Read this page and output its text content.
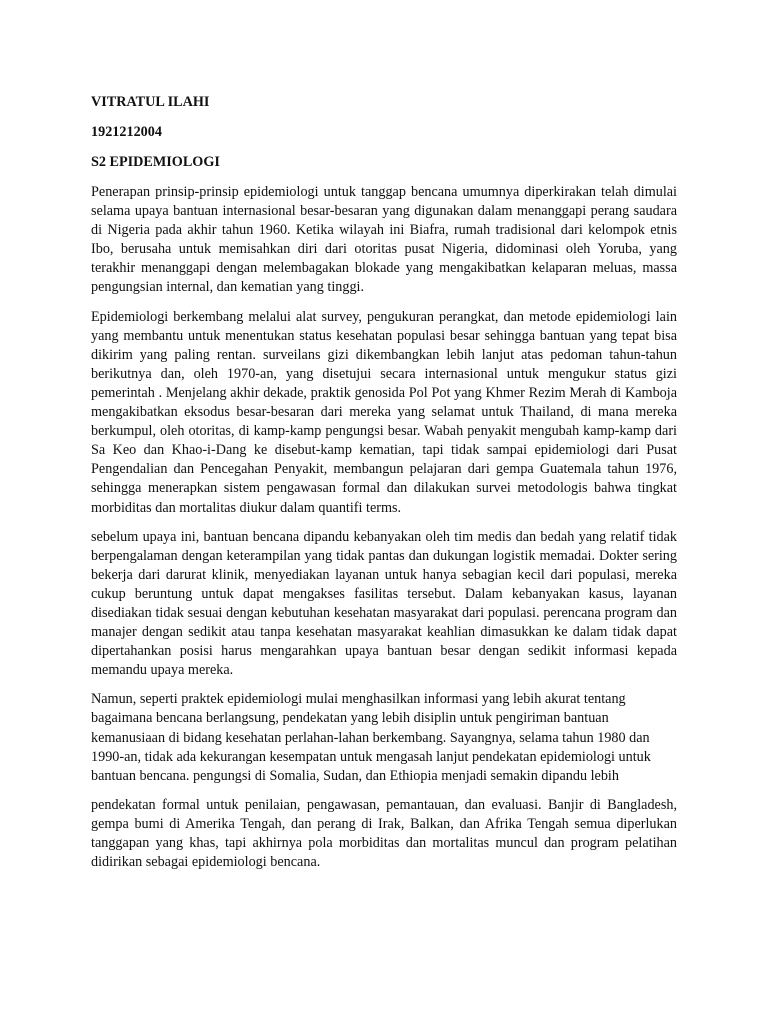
VITRATUL ILAHI
1921212004
S2 EPIDEMIOLOGI

Penerapan prinsip-prinsip epidemiologi untuk tanggap bencana umumnya diperkirakan telah dimulai selama upaya bantuan internasional besar-besaran yang digunakan dalam menanggapi perang saudara di Nigeria pada akhir tahun 1960. Ketika wilayah ini Biafra, rumah tradisional dari kelompok etnis Ibo, berusaha untuk memisahkan diri dari otoritas pusat Nigeria, didominasi oleh Yoruba, yang terakhir menanggapi dengan melembagakan blokade yang mengakibatkan kelaparan meluas, massa pengungsian internal, dan kematian yang tinggi.

Epidemiologi berkembang melalui alat survey, pengukuran perangkat, dan metode epidemiologi lain yang membantu untuk menentukan status kesehatan populasi besar sehingga bantuan yang tepat bisa dikirim yang paling rentan. surveilans gizi dikembangkan lebih lanjut atas pedoman tahun-tahun berikutnya dan, oleh 1970-an, yang disetujui secara internasional untuk mengukur status gizi pemerintah . Menjelang akhir dekade, praktik genosida Pol Pot yang Khmer Rezim Merah di Kamboja mengakibatkan eksodus besar-besaran dari mereka yang selamat untuk Thailand, di mana mereka berkumpul, oleh otoritas, di kamp-kamp pengungsi besar. Wabah penyakit mengubah kamp-kamp dari Sa Keo dan Khao-i-Dang ke disebut-kamp kematian, tapi tidak sampai epidemiologi dari Pusat Pengendalian dan Pencegahan Penyakit, membangun pelajaran dari gempa Guatemala tahun 1976, sehingga menerapkan sistem pengawasan formal dan dilakukan survei metodologis bahwa tingkat morbiditas dan mortalitas diukur dalam quantifi terms.

sebelum upaya ini, bantuan bencana dipandu kebanyakan oleh tim medis dan bedah yang relatif tidak berpengalaman dengan keterampilan yang tidak pantas dan dukungan logistik memadai. Dokter sering bekerja dari darurat klinik, menyediakan layanan untuk hanya sebagian kecil dari populasi, mereka cukup beruntung untuk dapat mengakses fasilitas tersebut. Dalam kebanyakan kasus, layanan disediakan tidak sesuai dengan kebutuhan kesehatan masyarakat dari populasi. perencana program dan manajer dengan sedikit atau tanpa kesehatan masyarakat keahlian dimasukkan ke dalam tidak dapat dipertahankan posisi harus mengarahkan upaya bantuan besar dengan sedikit informasi kepada memandu upaya mereka.

Namun, seperti praktek epidemiologi mulai menghasilkan informasi yang lebih akurat tentang bagaimana bencana berlangsung, pendekatan yang lebih disiplin untuk pengiriman bantuan kemanusiaan di bidang kesehatan perlahan-lahan berkembang. Sayangnya, selama tahun 1980 dan 1990-an, tidak ada kekurangan kesempatan untuk mengasah lanjut pendekatan epidemiologi untuk bantuan bencana. pengungsi di Somalia, Sudan, dan Ethiopia menjadi semakin dipandu lebih

pendekatan formal untuk penilaian, pengawasan, pemantauan, dan evaluasi. Banjir di Bangladesh, gempa bumi di Amerika Tengah, dan perang di Irak, Balkan, dan Afrika Tengah semua diperlukan tanggapan yang khas, tapi akhirnya pola morbiditas dan mortalitas muncul dan program pelatihan didirikan sebagai epidemiologi bencana.
